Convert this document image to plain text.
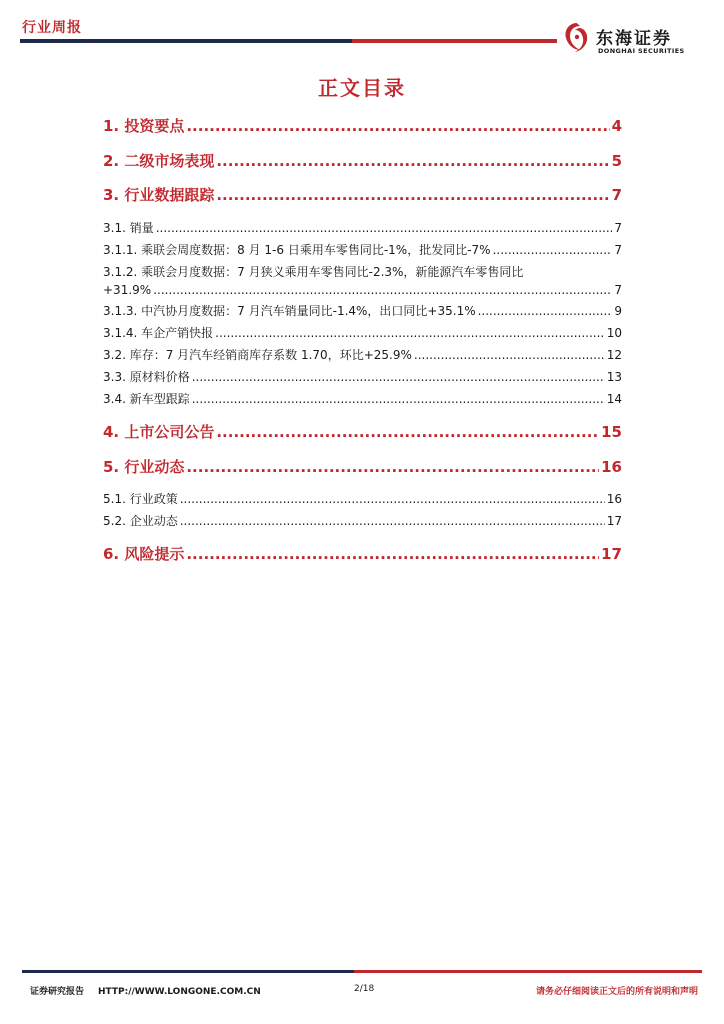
行业周报
东海证券
DONGHAI SECURITIES
正文目录
1. 投资要点 .....	4
2. 二级市场表现 .....	5
3. 行业数据跟踪 .....	7
3.1. 销量 .....	7
3.1.1. 乘联会周度数据：8 月 1-6 日乘用车零售同比-1%，批发同比-7% .....	7
3.1.2. 乘联会月度数据：7 月狭义乘用车零售同比-2.3%，新能源汽车零售同比
+31.9% .....	7
3.1.3. 中汽协月度数据：7 月汽车销量同比-1.4%，出口同比+35.1% .....	9
3.1.4. 车企产销快报 .....	10
3.2. 库存：7 月汽车经销商库存系数 1.70，环比+25.9% .....	12
3.3. 原材料价格 .....	13
3.4. 新车型跟踪 .....	14
4. 上市公司公告 .....	15
5. 行业动态 .....	16
5.1. 行业政策 .....	16
5.2. 企业动态 .....	17
6. 风险提示 .....	17
证券研究报告 HTTP://WWW.LONGONE.COM.CN	2/18	请务必仔细阅读正文后的所有说明和声明
